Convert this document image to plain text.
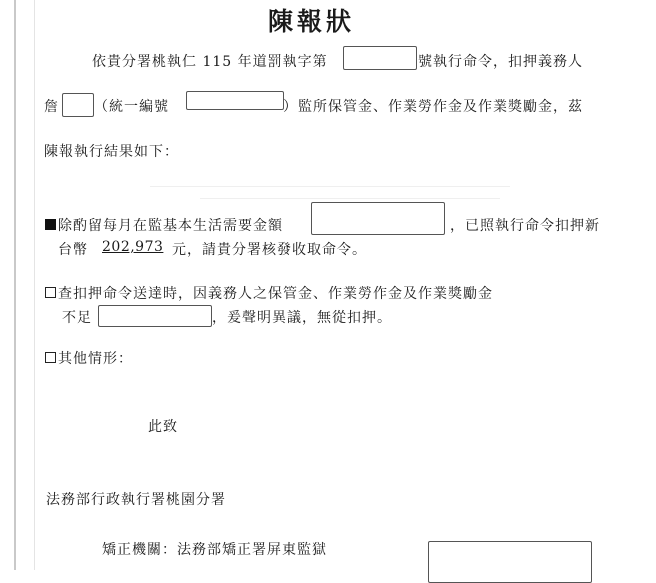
陳報狀
依貴分署桃執仁 115 年道罰執字第	號執行命令，扣押義務人
詹	（統一編號	）監所保管金、作業勞作金及作業獎勵金，茲
陳報執行結果如下：
除酌留每月在監基本生活需要金額	，已照執行命令扣押新
台幣 202,973 元，請貴分署核發收取命令。
查扣押命令送達時，因義務人之保管金、作業勞作金及作業獎勵金
不足	，爰聲明異議，無從扣押。
其他情形：
此致
法務部行政執行署桃園分署
矯正機關：法務部矯正署屏東監獄
